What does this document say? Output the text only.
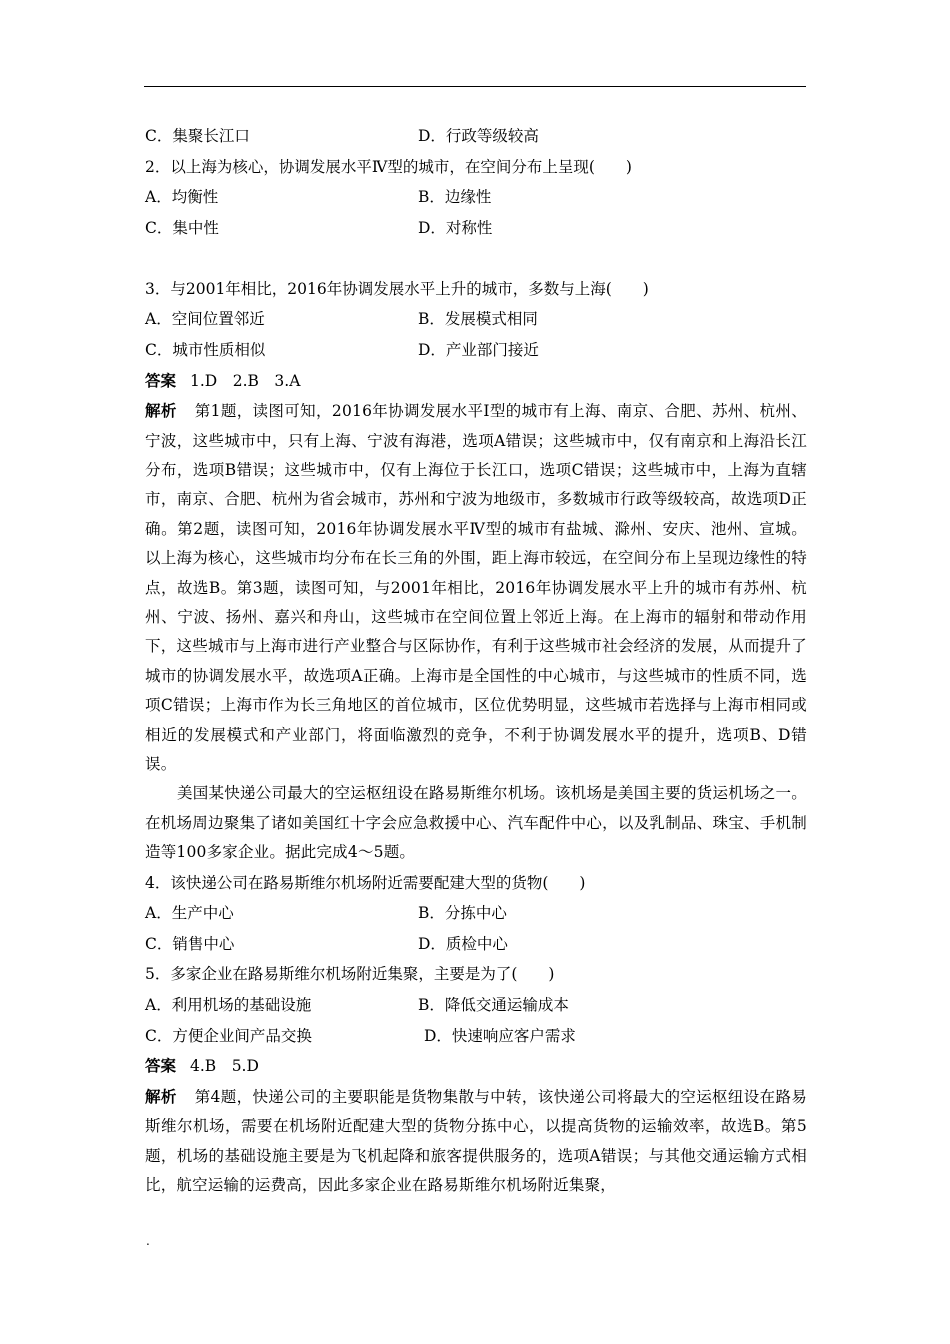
C．集聚长江口	D．行政等级较高
2．以上海为核心，协调发展水平Ⅳ型的城市，在空间分布上呈现(　　)
A．均衡性	B．边缘性
C．集中性	D．对称性
3．与2001年相比，2016年协调发展水平上升的城市，多数与上海(　　)
A．空间位置邻近	B．发展模式相同
C．城市性质相似	D．产业部门接近
答案 1.D　2.B　3.A

解析 第1题，读图可知，2016年协调发展水平Ⅰ型的城市有上海、南京、合肥、苏州、杭州、宁波，这些城市中，只有上海、宁波有海港，选项A错误；这些城市中，仅有南京和上海沿长江分布，选项B错误；这些城市中，仅有上海位于长江口，选项C错误；这些城市中，上海为直辖市，南京、合肥、杭州为省会城市，苏州和宁波为地级市，多数城市行政等级较高，故选项D正确。第2题，读图可知，2016年协调发展水平Ⅳ型的城市有盐城、滁州、安庆、池州、宣城。以上海为核心，这些城市均分布在长三角的外围，距上海市较远，在空间分布上呈现边缘性的特点，故选B。第3题，读图可知，与2001年相比，2016年协调发展水平上升的城市有苏州、杭州、宁波、扬州、嘉兴和舟山，这些城市在空间位置上邻近上海。在上海市的辐射和带动作用下，这些城市与上海市进行产业整合与区际协作，有利于这些城市社会经济的发展，从而提升了城市的协调发展水平，故选项A正确。上海市是全国性的中心城市，与这些城市的性质不同，选项C错误；上海市作为长三角地区的首位城市，区位优势明显，这些城市若选择与上海市相同或相近的发展模式和产业部门，将面临激烈的竞争，不利于协调发展水平的提升，选项B、D错误。

美国某快递公司最大的空运枢纽设在路易斯维尔机场。该机场是美国主要的货运机场之一。在机场周边聚集了诸如美国红十字会应急救援中心、汽车配件中心，以及乳制品、珠宝、手机制造等100多家企业。据此完成4～5题。

4．该快递公司在路易斯维尔机场附近需要配建大型的货物(　　)
A．生产中心	B．分拣中心
C．销售中心	D．质检中心
5．多家企业在路易斯维尔机场附近集聚，主要是为了(　　)
A．利用机场的基础设施	B．降低交通运输成本
C．方便企业间产品交换	D．快速响应客户需求
答案 4.B　5.D

解析 第4题，快递公司的主要职能是货物集散与中转，该快递公司将最大的空运枢纽设在路易斯维尔机场，需要在机场附近配建大型的货物分拣中心，以提高货物的运输效率，故选B。第5题，机场的基础设施主要是为飞机起降和旅客提供服务的，选项A错误；与其他交通运输方式相比，航空运输的运费高，因此多家企业在路易斯维尔机场附近集聚，

.
